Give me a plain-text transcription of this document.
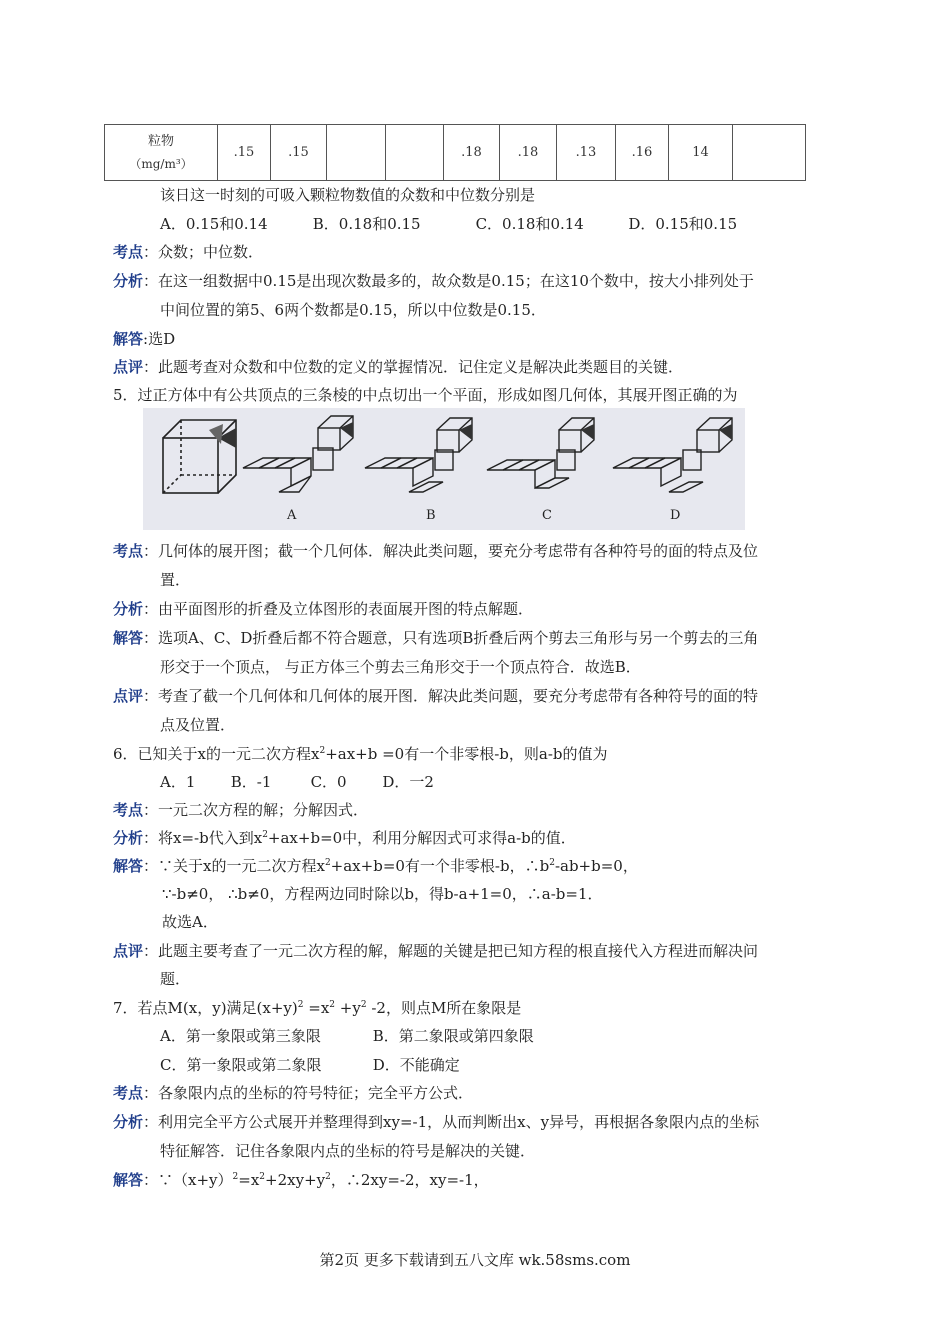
粒物
（mg/m³）
	.15	.15			.18	.18	.13	.16	14	
该日这一时刻的可吸入颗粒物数值的众数和中位数分别是
A．0.15和0.14	B．0.18和0.15	C．0.18和0.14	D．0.15和0.15
考点：众数；中位数．
分析：在这一组数据中0.15是出现次数最多的，故众数是0.15；在这10个数中，按大小排列处于
中间位置的第5、6两个数都是0.15，所以中位数是0.15．
解答:选D
点评：此题考查对众数和中位数的定义的掌握情况．记住定义是解决此类题目的关键．
5．过正方体中有公共顶点的三条棱的中点切出一个平面，形成如图几何体，其展开图正确的为
A	B	C	D
考点：几何体的展开图；截一个几何体．解决此类问题，要充分考虑带有各种符号的面的特点及位
置．
分析：由平面图形的折叠及立体图形的表面展开图的特点解题．
解答：选项A、C、D折叠后都不符合题意，只有选项B折叠后两个剪去三角形与另一个剪去的三角
形交于一个顶点， 与正方体三个剪去三角形交于一个顶点符合．故选B．
点评：考查了截一个几何体和几何体的展开图．解决此类问题，要充分考虑带有各种符号的面的特
点及位置．
6．已知关于x的一元二次方程$x^2+ax+b =0$有一个非零根-b，则a-b的值为
A．1 B．-1	C．0 D．一2
考点：一元二次方程的解；分解因式．
分析：将x=-b代入到$x^2+ax+b=0$中，利用分解因式可求得a-b的值．
解答：∵关于x的一元二次方程$x^2+ax+b=0$有一个非零根-b，$\therefore b^2-ab+b=0$，
∵-b≠0， ∴b≠0，方程两边同时除以b，得b-a+1=0，∴a-b=1．
故选A．
点评：此题主要考查了一元二次方程的解，解题的关键是把已知方程的根直接代入方程进而解决问
题．
7．若点M(x，y)满足$(x+y)^2 =x^2 +y^2$ -2，则点M所在象限是
A．第一象限或第三象限	B．第二象限或第四象限
C．第一象限或第二象限	D．不能确定
考点：各象限内点的坐标的符号特征；完全平方公式．
分析：利用完全平方公式展开并整理得到xy=-1，从而判断出x、y异号，再根据各象限内点的坐标
特征解答．记住各象限内点的坐标的符号是解决的关键．
解答：$\because(x+y)^2=x^2+2xy+y^2$，∴2xy=-2，xy=-1，
第2页 更多下载请到五八文库 wk.58sms.com
